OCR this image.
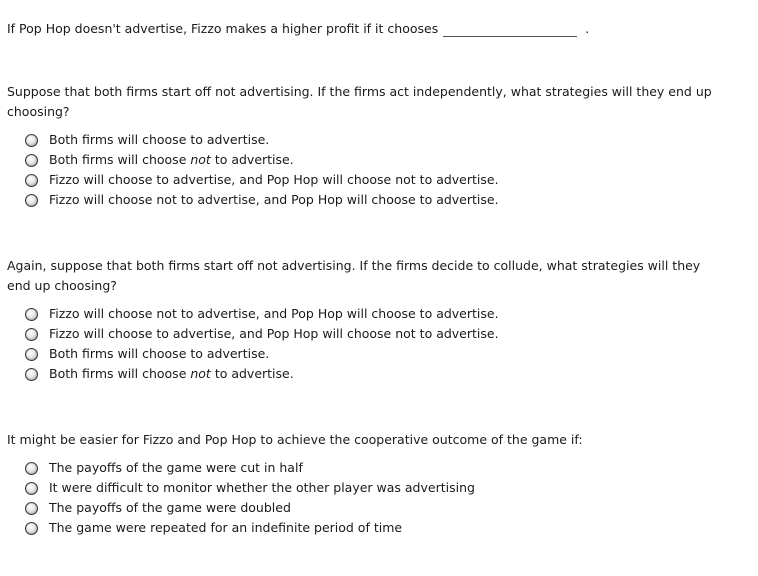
If Pop Hop doesn't advertise, Fizzo makes a higher profit if it chooses	.

Suppose that both firms start off not advertising. If the firms act independently, what strategies will they end up choosing?

Both firms will choose to advertise.
Both firms will choose not to advertise.
Fizzo will choose to advertise, and Pop Hop will choose not to advertise.
Fizzo will choose not to advertise, and Pop Hop will choose to advertise.

Again, suppose that both firms start off not advertising. If the firms decide to collude, what strategies will they end up choosing?

Fizzo will choose not to advertise, and Pop Hop will choose to advertise.
Fizzo will choose to advertise, and Pop Hop will choose not to advertise.
Both firms will choose to advertise.
Both firms will choose not to advertise.

It might be easier for Fizzo and Pop Hop to achieve the cooperative outcome of the game if:

The payoffs of the game were cut in half
It were difficult to monitor whether the other player was advertising
The payoffs of the game were doubled
The game were repeated for an indefinite period of time
